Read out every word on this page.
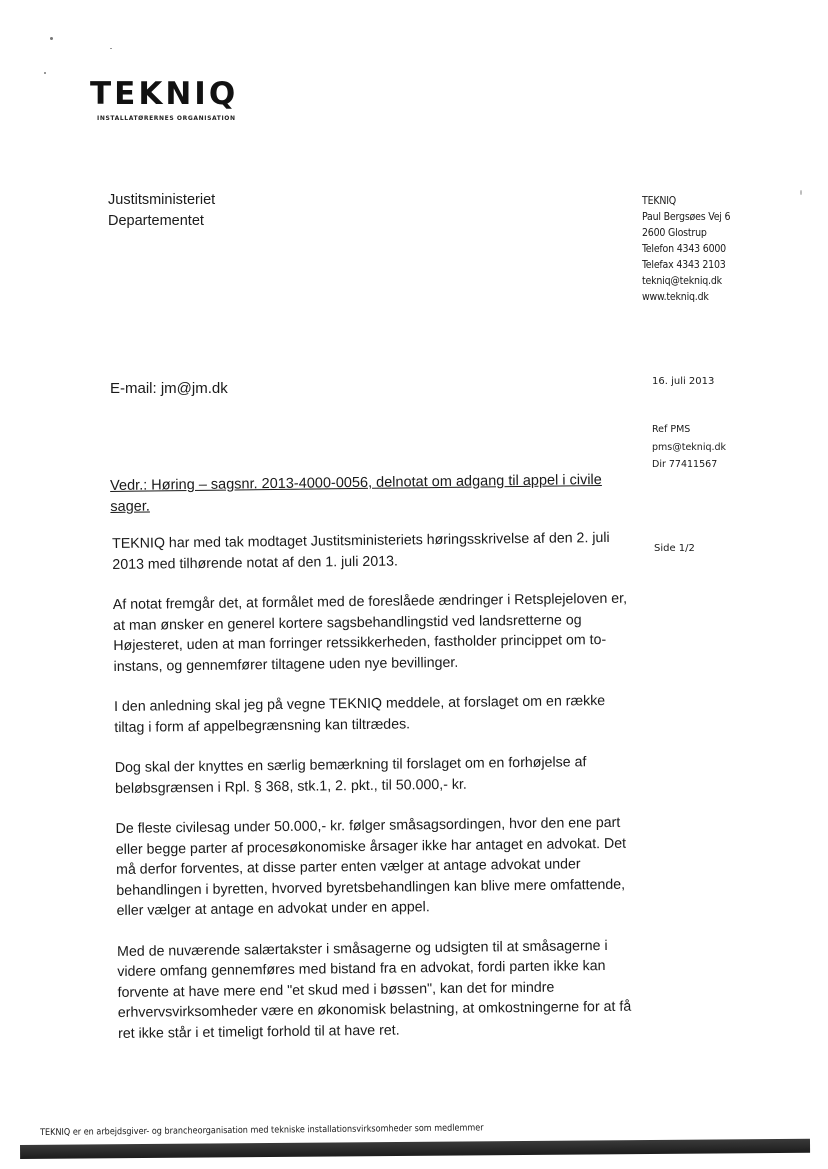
TEKNIQ
INSTALLATØRERNES ORGANISATION
Justitsministeriet
Departementet
TEKNIQ
Paul Bergsøes Vej 6
2600 Glostrup
Telefon 4343 6000
Telefax 4343 2103
tekniq@tekniq.dk
www.tekniq.dk
E-mail: jm@jm.dk	16. juli 2013
Ref PMS
pms@tekniq.dk
Dir 77411567
Side 1/2
Vedr.: Høring – sagsnr. 2013-4000-0056, delnotat om adgang til appel i civile sager.

TEKNIQ har med tak modtaget Justitsministeriets høringsskrivelse af den 2. juli 2013 med tilhørende notat af den 1. juli 2013.

Af notat fremgår det, at formålet med de foreslåede ændringer i Retsplejeloven er, at man ønsker en generel kortere sagsbehandlingstid ved landsretterne og Højesteret, uden at man forringer retssikkerheden, fastholder princippet om to-instans, og gennemfører tiltagene uden nye bevillinger.

I den anledning skal jeg på vegne TEKNIQ meddele, at forslaget om en række tiltag i form af appelbegrænsning kan tiltrædes.

Dog skal der knyttes en særlig bemærkning til forslaget om en forhøjelse af beløbsgrænsen i Rpl. § 368, stk.1, 2. pkt., til 50.000,- kr.

De fleste civilesag under 50.000,- kr. følger småsagsordingen, hvor den ene part eller begge parter af procesøkonomiske årsager ikke har antaget en advokat. Det må derfor forventes, at disse parter enten vælger at antage advokat under behandlingen i byretten, hvorved byretsbehandlingen kan blive mere omfattende, eller vælger at antage en advokat under en appel.

Med de nuværende salærtakster i småsagerne og udsigten til at småsagerne i videre omfang gennemføres med bistand fra en advokat, fordi parten ikke kan forvente at have mere end "et skud med i bøssen", kan det for mindre erhvervsvirksomheder være en økonomisk belastning, at omkostningerne for at få ret ikke står i et timeligt forhold til at have ret.

TEKNIQ er en arbejdsgiver- og brancheorganisation med tekniske installationsvirksomheder som medlemmer
